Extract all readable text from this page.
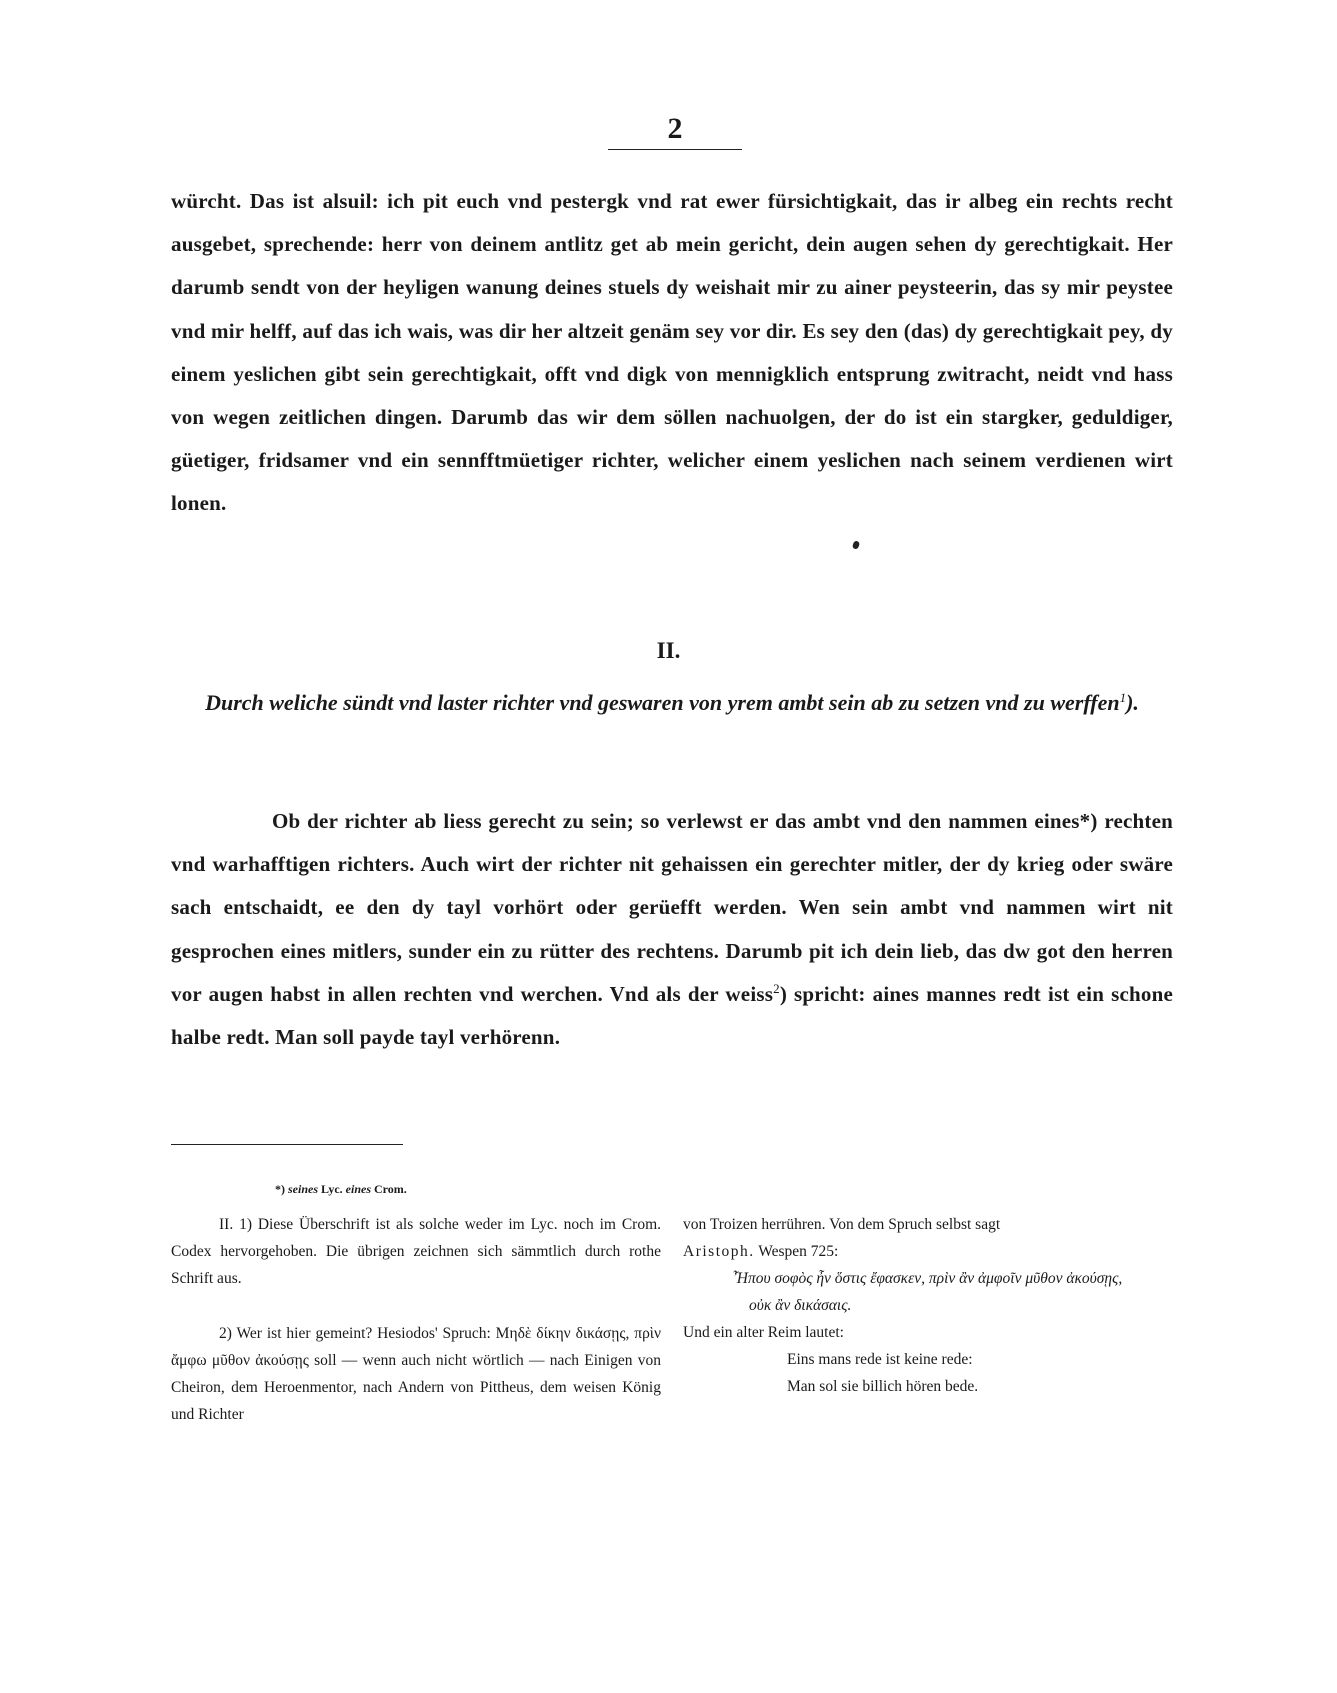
2

würcht. Das ist alsuil: ich pit euch vnd pestergk vnd rat ewer fürsichtigkait, das ir albeg ein rechts recht ausgebet, sprechende: herr von deinem antlitz get ab mein gericht, dein augen sehen dy gerechtigkait. Her darumb sendt von der heyligen wanung deines stuels dy weishait mir zu ainer peysteerin, das sy mir peystee vnd mir helff, auf das ich wais, was dir her altzeit genäm sey vor dir. Es sey den (das) dy gerechtigkait pey, dy einem yeslichen gibt sein gerechtigkait, offt vnd digk von mennigklich entsprung zwitracht, neidt vnd hass von wegen zeitlichen dingen. Darumb das wir dem söllen nachuolgen, der do ist ein stargker, geduldiger, güetiger, fridsamer vnd ein sennfftmüetiger richter, welicher einem yeslichen nach seinem verdienen wirt lonen.

II.
Durch weliche sündt vnd laster richter vnd geswaren von yrem ambt sein ab zu setzen vnd zu werffen$^1$).

Ob der richter ab liess gerecht zu sein; so verlewst er das ambt vnd den nammen eines*) rechten vnd warhafftigen richters. Auch wirt der richter nit gehaissen ein gerechter mitler, der dy krieg oder swäre sach entschaidt, ee den dy tayl vorhört oder gerüefft werden. Wen sein ambt vnd nammen wirt nit gesprochen eines mitlers, sunder ein zu rütter des rechtens. Darumb pit ich dein lieb, das dw got den herren vor augen habst in allen rechten vnd werchen. Vnd als der weiss$^2$) spricht: aines mannes redt ist ein schone halbe redt. Man soll payde tayl verhörenn.

*) seines Lyc. eines Crom.

II. 1) Diese Überschrift ist als solche weder im Lyc. noch im Crom. Codex hervorgehoben. Die übrigen zeichnen sich sämmtlich durch rothe Schrift aus.

2) Wer ist hier gemeint? Hesiodos' Spruch: Μηδὲ δίκην δικάσῃς, πρὶν ἄμφω μῦθον ἀκούσῃς soll — wenn auch nicht wörtlich — nach Einigen von Cheiron, dem Heroenmentor, nach Andern von Pittheus, dem weisen König und Richter

von Troizen herrühren. Von dem Spruch selbst sagt

Aristoph. Wespen 725:

Ἦπου σοφὸς ἦν ὅστις ἔφασκεν, πρὶν ἂν ἀμφοῖν μῦθον ἀκούσῃς,

οὐκ ἂν δικάσαις.

Und ein alter Reim lautet:

Eins mans rede ist keine rede:

Man sol sie billich hören bede.
